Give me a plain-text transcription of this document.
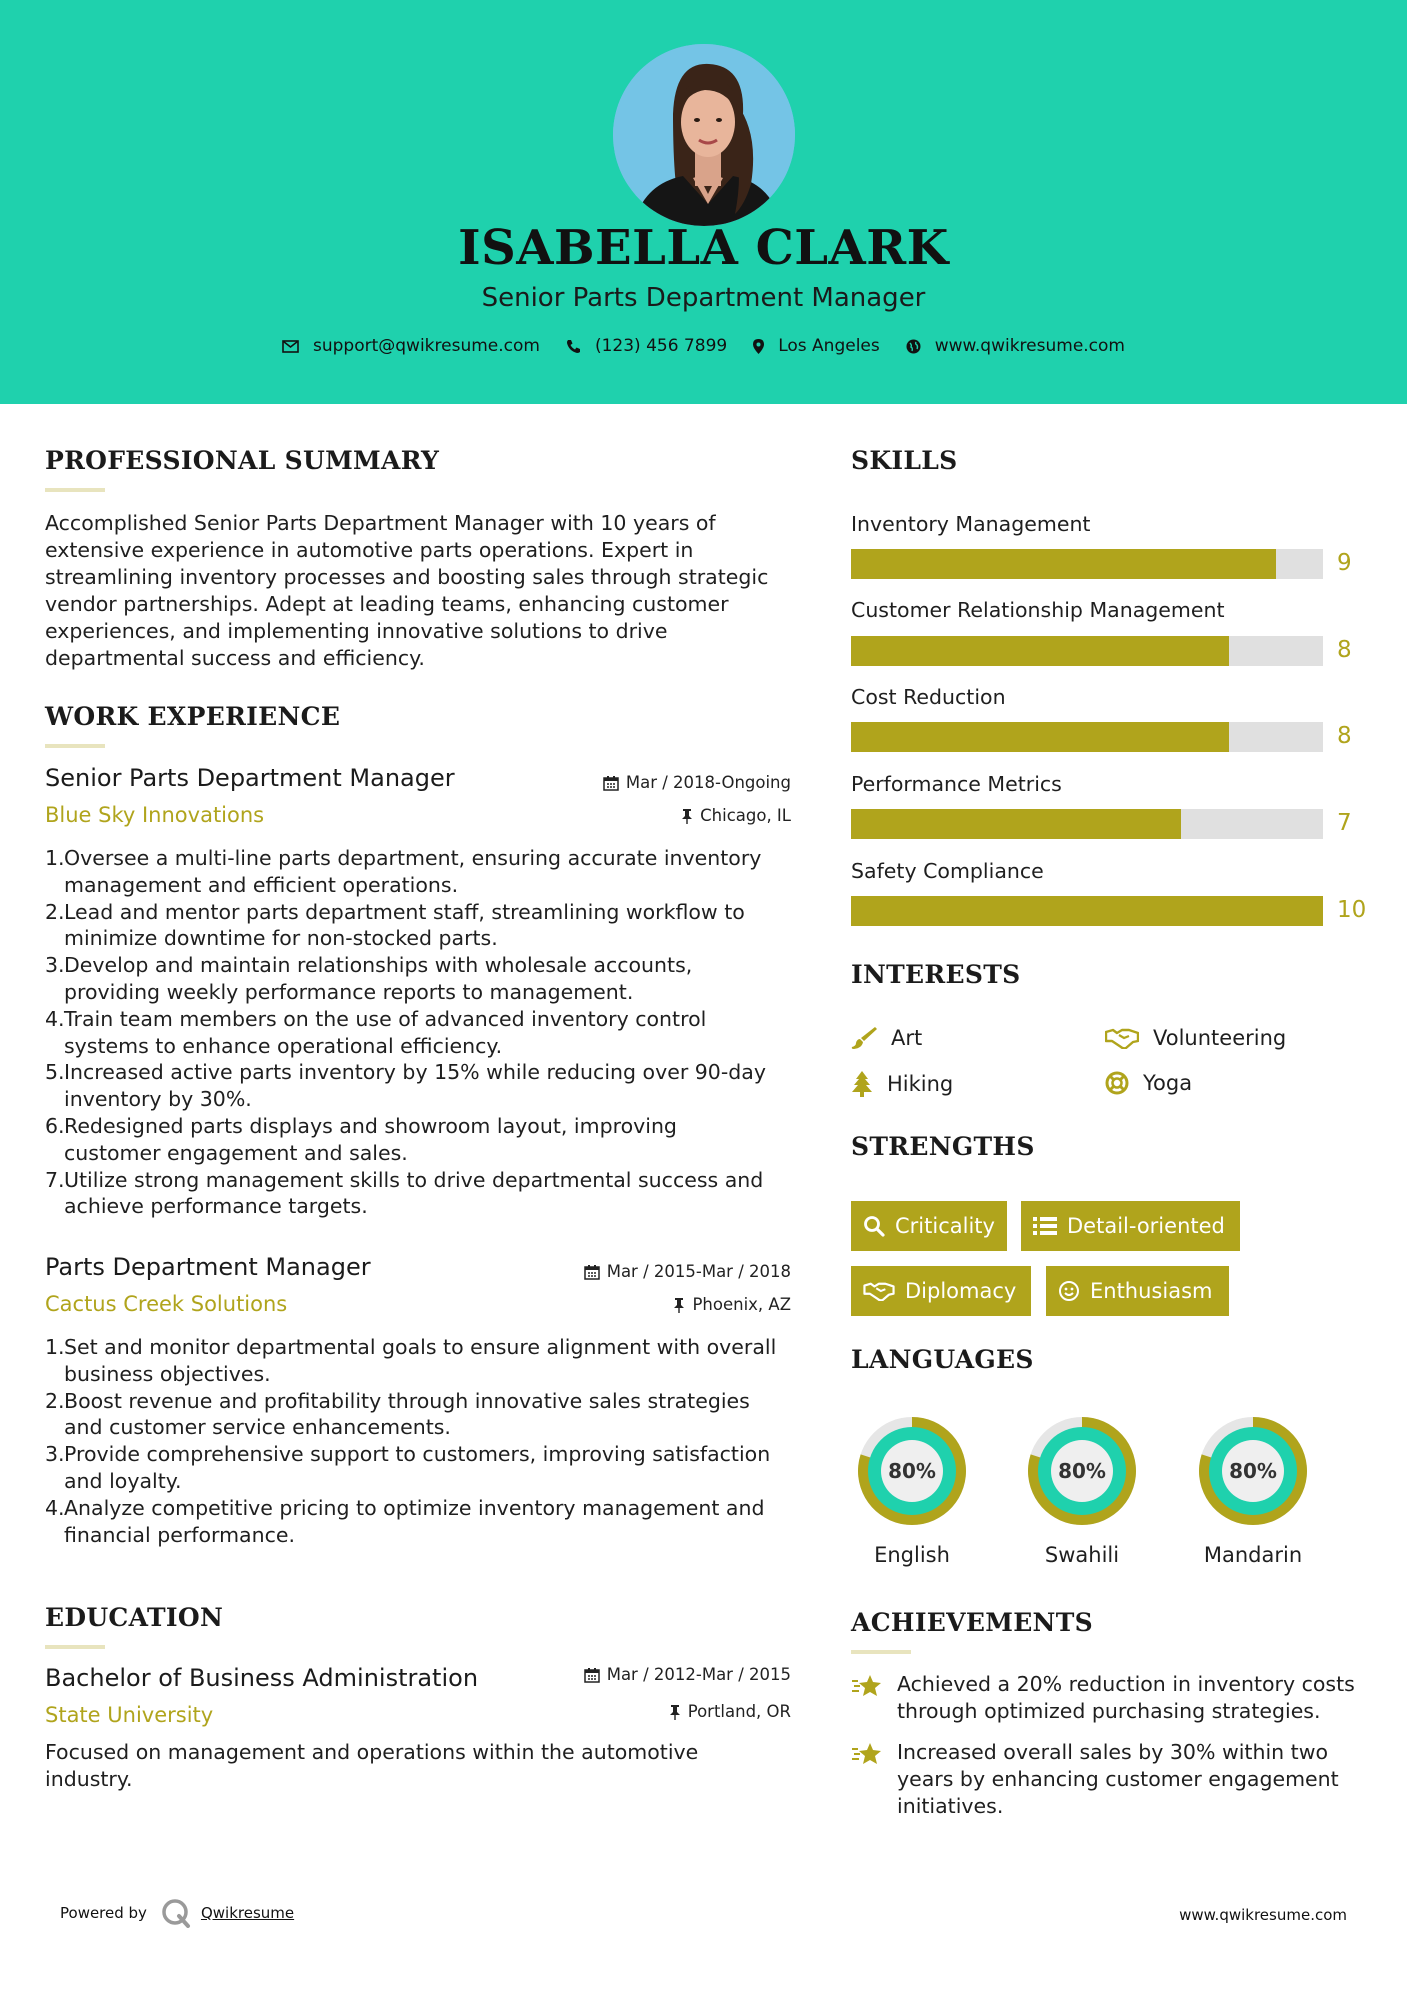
ISABELLA CLARK
Senior Parts Department Manager
support@qwikresume.com	(123) 456 7899	Los Angeles	www.qwikresume.com
PROFESSIONAL SUMMARY
Accomplished Senior Parts Department Manager with 10 years of
extensive experience in automotive parts operations. Expert in
streamlining inventory processes and boosting sales through strategic
vendor partnerships. Adept at leading teams, enhancing customer
experiences, and implementing innovative solutions to drive
departmental success and efficiency.
WORK EXPERIENCE
Senior Parts Department Manager
Blue Sky Innovations
Mar / 2018-Ongoing
Chicago, IL
1. Oversee a multi-line parts department, ensuring accurate inventory
management and efficient operations.
2. Lead and mentor parts department staff, streamlining workflow to
minimize downtime for non-stocked parts.
3. Develop and maintain relationships with wholesale accounts,
providing weekly performance reports to management.
4. Train team members on the use of advanced inventory control
systems to enhance operational efficiency.
5. Increased active parts inventory by 15% while reducing over 90-day
inventory by 30%.
6. Redesigned parts displays and showroom layout, improving
customer engagement and sales.
7. Utilize strong management skills to drive departmental success and
achieve performance targets.
Parts Department Manager
Cactus Creek Solutions
Mar / 2015-Mar / 2018
Phoenix, AZ
1. Set and monitor departmental goals to ensure alignment with overall
business objectives.
2. Boost revenue and profitability through innovative sales strategies
and customer service enhancements.
3. Provide comprehensive support to customers, improving satisfaction
and loyalty.
4. Analyze competitive pricing to optimize inventory management and
financial performance.
EDUCATION
Bachelor of Business Administration
State University
Mar / 2012-Mar / 2015
Portland, OR
Focused on management and operations within the automotive
industry.
SKILLS
Inventory Management
9
Customer Relationship Management
8
Cost Reduction
8
Performance Metrics
7
Safety Compliance
10
INTERESTS
Art	Volunteering
Hiking	Yoga
STRENGTHS
Criticality	Detail-oriented
Diplomacy	Enthusiasm
LANGUAGES
80%
English
80%
Swahili
80%
Mandarin
ACHIEVEMENTS
Achieved a 20% reduction in inventory costs
through optimized purchasing strategies.
Increased overall sales by 30% within two
years by enhancing customer engagement
initiatives.
Powered by	Qwikresume	www.qwikresume.com
